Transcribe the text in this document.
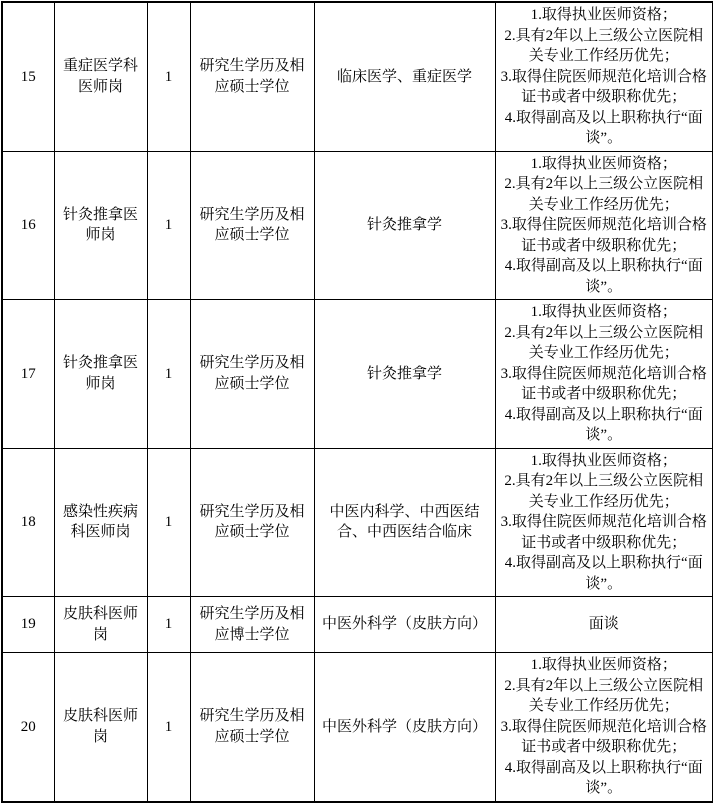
15	重症医学科医师岗	1	研究生学历及相应硕士学位	临床医学、重症医学	1.取得执业医师资格；
2.具有2年以上三级公立医院相关专业工作经历优先；
3.取得住院医师规范化培训合格证书或者中级职称优先；
4.取得副高及以上职称执行“面谈”。

16	针灸推拿医师岗	1	研究生学历及相应硕士学位	针灸推拿学	1.取得执业医师资格；
2.具有2年以上三级公立医院相关专业工作经历优先；
3.取得住院医师规范化培训合格证书或者中级职称优先；
4.取得副高及以上职称执行“面谈”。

17	针灸推拿医师岗	1	研究生学历及相应硕士学位	针灸推拿学	1.取得执业医师资格；
2.具有2年以上三级公立医院相关专业工作经历优先；
3.取得住院医师规范化培训合格证书或者中级职称优先；
4.取得副高及以上职称执行“面谈”。

18	感染性疾病科医师岗	1	研究生学历及相应硕士学位	中医内科学、中西医结合、中西医结合临床	1.取得执业医师资格；
2.具有2年以上三级公立医院相关专业工作经历优先；
3.取得住院医师规范化培训合格证书或者中级职称优先；
4.取得副高及以上职称执行“面谈”。

19	皮肤科医师岗	1	研究生学历及相应博士学位	中医外科学（皮肤方向）	面谈

20	皮肤科医师岗	1	研究生学历及相应硕士学位	中医外科学（皮肤方向）	1.取得执业医师资格；
2.具有2年以上三级公立医院相关专业工作经历优先；
3.取得住院医师规范化培训合格证书或者中级职称优先；
4.取得副高及以上职称执行“面谈”。
